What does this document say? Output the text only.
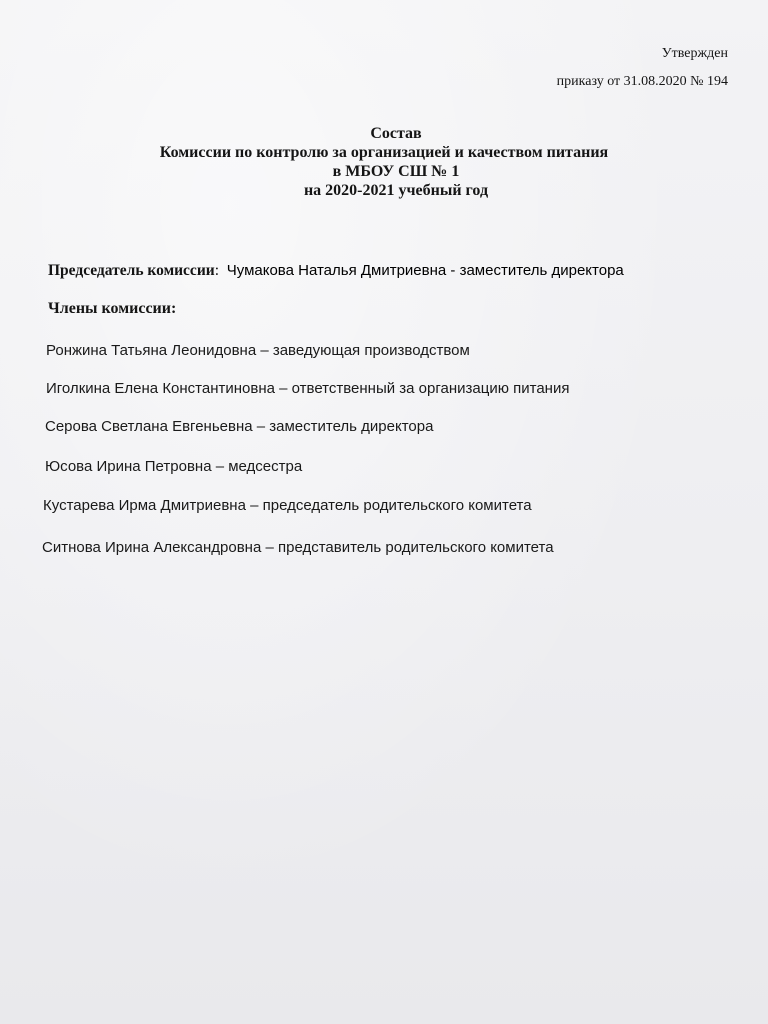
Утвержден
приказу от 31.08.2020 № 194
Состав
Комиссии по контролю за организацией и качеством питания
в МБОУ СШ № 1
на 2020-2021 учебный год
Председатель комиссии: Чумакова Наталья Дмитриевна - заместитель директора
Члены комиссии:
Ронжина Татьяна Леонидовна – заведующая производством
Иголкина Елена Константиновна – ответственный за организацию питания
Серова Светлана Евгеньевна – заместитель директора
Юсова Ирина Петровна – медсестра
Кустарева Ирма Дмитриевна – председатель родительского комитета
Ситнова Ирина Александровна – представитель родительского комитета
